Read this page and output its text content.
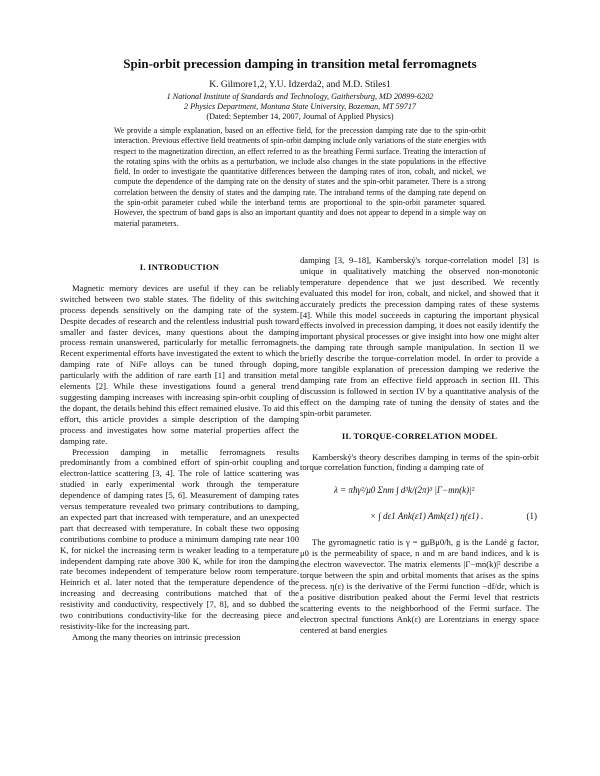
Spin-orbit precession damping in transition metal ferromagnets
K. Gilmore1,2, Y.U. Idzerda2, and M.D. Stiles1
1 National Institute of Standards and Technology, Gaithersburg, MD 20899-6202
2 Physics Department, Montana State University, Bozeman, MT 59717
(Dated: September 14, 2007, Journal of Applied Physics)
We provide a simple explanation, based on an effective field, for the precession damping rate due to the spin-orbit interaction. Previous effective field treatments of spin-orbit damping include only variations of the state energies with respect to the magnetization direction, an effect referred to as the breathing Fermi surface. Treating the interaction of the rotating spins with the orbits as a perturbation, we include also changes in the state populations in the effective field. In order to investigate the quantitative differences between the damping rates of iron, cobalt, and nickel, we compute the dependence of the damping rate on the density of states and the spin-orbit parameter. There is a strong correlation between the density of states and the damping rate. The intraband terms of the damping rate depend on the spin-orbit parameter cubed while the interband terms are proportional to the spin-orbit parameter squared. However, the spectrum of band gaps is also an important quantity and does not appear to depend in a simple way on material parameters.
I. INTRODUCTION

Magnetic memory devices are useful if they can be reliably switched between two stable states. The fidelity of this switching process depends sensitively on the damping rate of the system. Despite decades of research and the relentless industrial push toward smaller and faster devices, many questions about the damping process remain unanswered, particularly for metallic ferromagnets. Recent experimental efforts have investigated the extent to which the damping rate of NiFe alloys can be tuned through doping, particularly with the addition of rare earth [1] and transition metal elements [2]. While these investigations found a general trend suggesting damping increases with increasing spin-orbit coupling of the dopant, the details behind this effect remained elusive. To aid this effort, this article provides a simple description of the damping process and investigates how some material properties affect the damping rate.

Precession damping in metallic ferromagnets results predominantly from a combined effort of spin-orbit coupling and electron-lattice scattering [3, 4]. The role of lattice scattering was studied in early experimental work through the temperature dependence of damping rates [5, 6]. Measurement of damping rates versus temperature revealed two primary contributions to damping, an expected part that increased with temperature, and an unexpected part that decreased with temperature. In cobalt these two opposing contributions combine to produce a minimum damping rate near 100 K, for nickel the increasing term is weaker leading to a temperature independent damping rate above 300 K, while for iron the damping rate becomes independent of temperature below room temperature. Heinrich et al. later noted that the temperature dependence of the increasing and decreasing contributions matched that of the resistivity and conductivity, respectively [7, 8], and so dubbed the two contributions conductivity-like for the decreasing piece and resistivity-like for the increasing part.

Among the many theories on intrinsic precession

damping [3, 9–18], Kamberský's torque-correlation model [3] is unique in qualitatively matching the observed non-monotonic temperature dependence that we just described. We recently evaluated this model for iron, cobalt, and nickel, and showed that it accurately predicts the precession damping rates of these systems [4]. While this model succeeds in capturing the important physical effects involved in precession damping, it does not easily identify the important physical processes or give insight into how one might alter the damping rate through sample manipulation. In section II we briefly describe the torque-correlation model. In order to provide a more tangible explanation of precession damping we rederive the damping rate from an effective field approach in section III. This discussion is followed in section IV by a quantitative analysis of the effect on the damping rate of tuning the density of states and the spin-orbit parameter.

II. TORQUE-CORRELATION MODEL

Kamberský's theory describes damping in terms of the spin-orbit torque correlation function, finding a damping rate of

λ = πħγ²/μ0 Σnm ∫ d³k/(2π)³ |Γ−mn(k)|²
× ∫ dε1 Ank(ε1) Amk(ε1) η(ε1) .	(1)

The gyromagnetic ratio is γ = gμBμ0/ħ, g is the Landé g factor, μ0 is the permeability of space, n and m are band indices, and k is the electron wavevector. The matrix elements |Γ−mn(k)|² describe a torque between the spin and orbital moments that arises as the spins precess. η(ε) is the derivative of the Fermi function −df/dε, which is a positive distribution peaked about the Fermi level that restricts scattering events to the neighborhood of the Fermi surface. The electron spectral functions Ank(ε) are Lorentzians in energy space centered at band energies
